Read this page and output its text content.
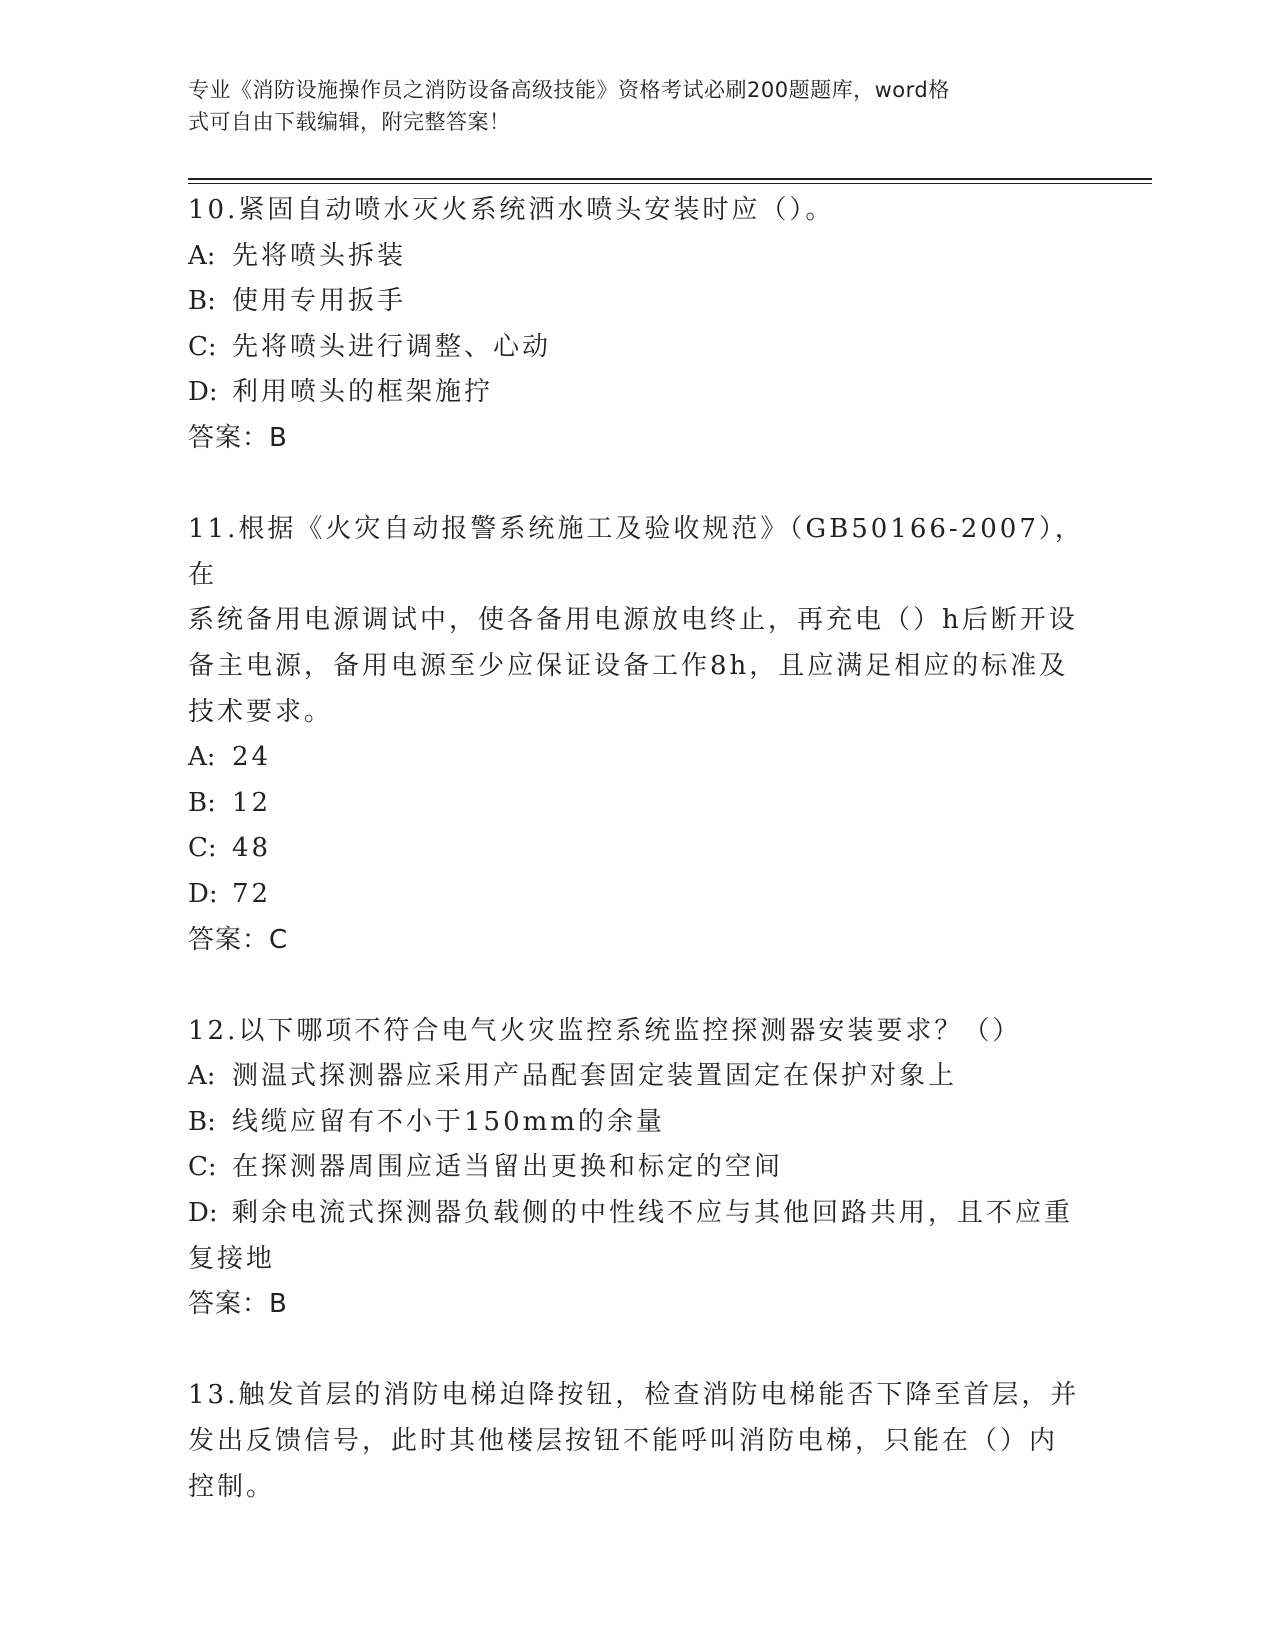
专业《消防设施操作员之消防设备高级技能》资格考试必刷200题题库，word格
式可自由下载编辑，附完整答案！

10.紧固自动喷水灭火系统洒水喷头安装时应（）。

A: 先将喷头拆装

B: 使用专用扳手

C: 先将喷头进行调整、心动

D: 利用喷头的框架施拧

答案：B

11.根据《火灾自动报警系统施工及验收规范》（GB50166-2007），在

系统备用电源调试中，使各备用电源放电终止，再充电（）h后断开设

备主电源，备用电源至少应保证设备工作8h，且应满足相应的标准及

技术要求。

A: 24

B: 12

C: 48

D: 72

答案：C

12.以下哪项不符合电气火灾监控系统监控探测器安装要求？（）

A: 测温式探测器应采用产品配套固定装置固定在保护对象上

B: 线缆应留有不小于150mm的余量

C: 在探测器周围应适当留出更换和标定的空间

D: 剩余电流式探测器负载侧的中性线不应与其他回路共用，且不应重

复接地

答案：B

13.触发首层的消防电梯迫降按钮，检查消防电梯能否下降至首层，并

发出反馈信号，此时其他楼层按钮不能呼叫消防电梯，只能在（）内

控制。
